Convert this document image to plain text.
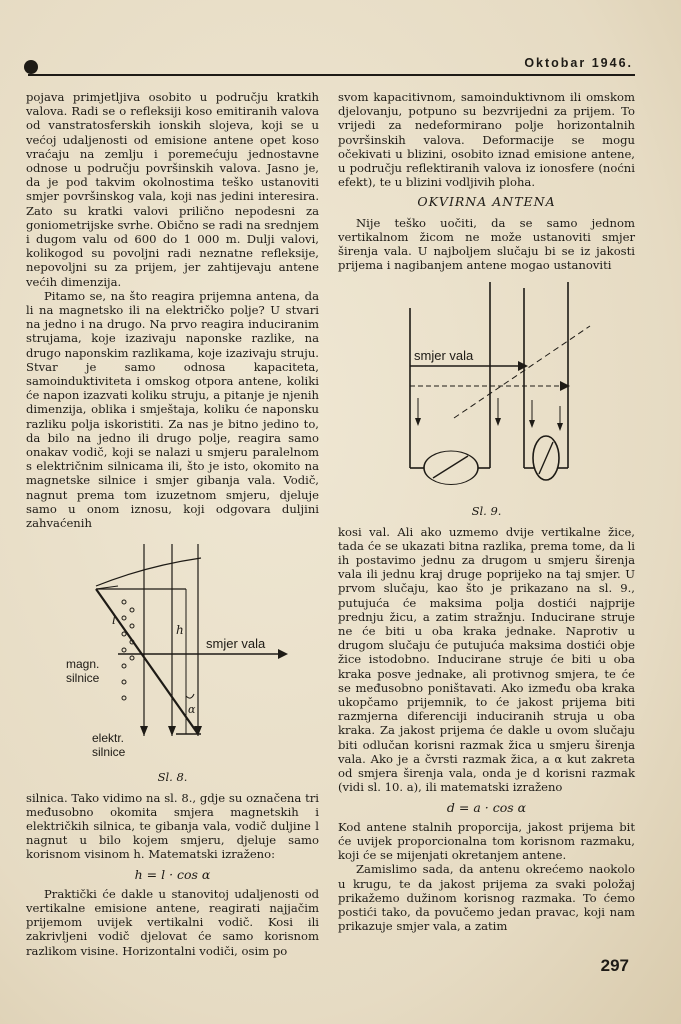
Oktobar 1946.

pojava primjetljiva osobito u području kratkih valova. Radi se o refleksiji koso emitiranih valova od vanstratosferskih ionskih slojeva, koji se u većoj udaljenosti od emisione antene opet koso vraćaju na zemlju i poremećuju jednostavne odnose u području površinskih valova. Jasno je, da je pod takvim okolnostima teško ustanoviti smjer površinskog vala, koji nas jedini interesira. Zato su kratki valovi prilično nepodesni za goniometrijske svrhe. Obično se radi na srednjem i dugom valu od 600 do 1 000 m. Dulji valovi, kolikogod su povoljni radi neznatne refleksije, nepovoljni su za prijem, jer zahtijevaju antene većih dimenzija.

Pitamo se, na što reagira prijemna antena, da li na magnetsko ili na električko polje? U stvari na jedno i na drugo. Na prvo reagira induciranim strujama, koje izazivaju naponske razlike, na drugo naponskim razlikama, koje izazivaju struju. Stvar je samo odnosa kapaciteta, samoinduktiviteta i omskog otpora antene, koliki će napon izazvati koliku struju, a pitanje je njenih dimenzija, oblika i smještaja, koliku će naponsku razliku polja iskoristiti. Za nas je bitno jedino to, da bilo na jedno ili drugo polje, reagira samo onakav vodič, koji se nalazi u smjeru paralelnom s električnim silnicama ili, što je isto, okomito na magnetske silnice i smjer gibanja vala. Vodič, nagnut prema tom izuzetnom smjeru, djeluje samo u onom iznosu, koji odgovara duljini zahvaćenih

l
h
α
smjer vala
magn.
silnice
elektr.
silnice
Sl. 8.

silnica. Tako vidimo na sl. 8., gdje su označena tri međusobno okomita smjera magnetskih i električkih silnica, te gibanja vala, vodič duljine l nagnut u bilo kojem smjeru, djeluje samo korisnom visinom h. Matematski izraženo:

h = l · cos α

Praktički će dakle u stanovitoj udaljenosti od vertikalne emisione antene, reagirati najjačim prijemom uvijek vertikalni vodič. Kosi ili zakrivljeni vodič djelovat će samo korisnom razlikom visine. Horizontalni vodiči, osim po

svom kapacitivnom, samoinduktivnom ili omskom djelovanju, potpuno su bezvrijedni za prijem. To vrijedi za nedeformirano polje horizontalnih površinskih valova. Deformacije se mogu očekivati u blizini, osobito iznad emisione antene, u području reflektiranih valova iz ionosfere (noćni efekt), te u blizini vodljivih ploha.

OKVIRNA ANTENA

Nije teško uočiti, da se samo jednom vertikalnom žicom ne može ustanoviti smjer širenja vala. U najboljem slučaju bi se iz jakosti prijema i nagibanjem antene mogao ustanoviti

smjer vala
Sl. 9.

kosi val. Ali ako uzmemo dvije vertikalne žice, tada će se ukazati bitna razlika, prema tome, da li ih postavimo jednu za drugom u smjeru širenja vala ili jednu kraj druge poprijeko na taj smjer. U prvom slučaju, kao što je prikazano na sl. 9., putujuća će maksima polja dostići najprije prednju žicu, a zatim stražnju. Inducirane struje ne će biti u oba kraka jednake. Naprotiv u drugom slučaju će putujuća maksima dostići obje žice istodobno. Inducirane struje će biti u oba kraka posve jednake, ali protivnog smjera, te će se međusobno poništavati. Ako između oba kraka ukopčamo prijemnik, to će jakost prijema biti razmjerna diferenciji induciranih struja u oba kraka. Za jakost prijema će dakle u ovom slučaju biti odlučan korisni razmak žica u smjeru širenja vala. Ako je a čvrsti razmak žica, a α kut zakreta od smjera širenja vala, onda je d korisni razmak (vidi sl. 10. a), ili matematski izraženo

d = a · cos α

Kod antene stalnih proporcija, jakost prijema bit će uvijek proporcionalna tom korisnom razmaku, koji će se mijenjati okretanjem antene.

Zamislimo sada, da antenu okrećemo naokolo u krugu, te da jakost prijema za svaki položaj prikažemo dužinom korisnog razmaka. To ćemo postići tako, da povučemo jedan pravac, koji nam prikazuje smjer vala, a zatim

297
